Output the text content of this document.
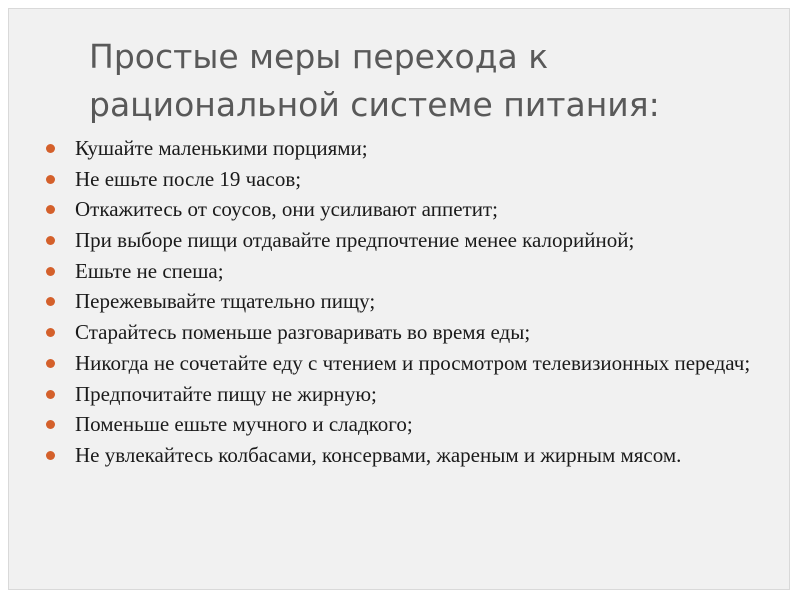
Простые меры перехода к рациональной системе питания:
Кушайте маленькими порциями;
Не ешьте после 19 часов;
Откажитесь от соусов, они усиливают аппетит;
При выборе пищи отдавайте предпочтение менее калорийной;
Ешьте не спеша;
Пережевывайте тщательно пищу;
Старайтесь поменьше разговаривать во время еды;
Никогда не сочетайте еду с чтением и просмотром телевизионных передач;
Предпочитайте пищу не жирную;
Поменьше ешьте мучного и сладкого;
Не увлекайтесь колбасами, консервами, жареным и жирным мясом.
